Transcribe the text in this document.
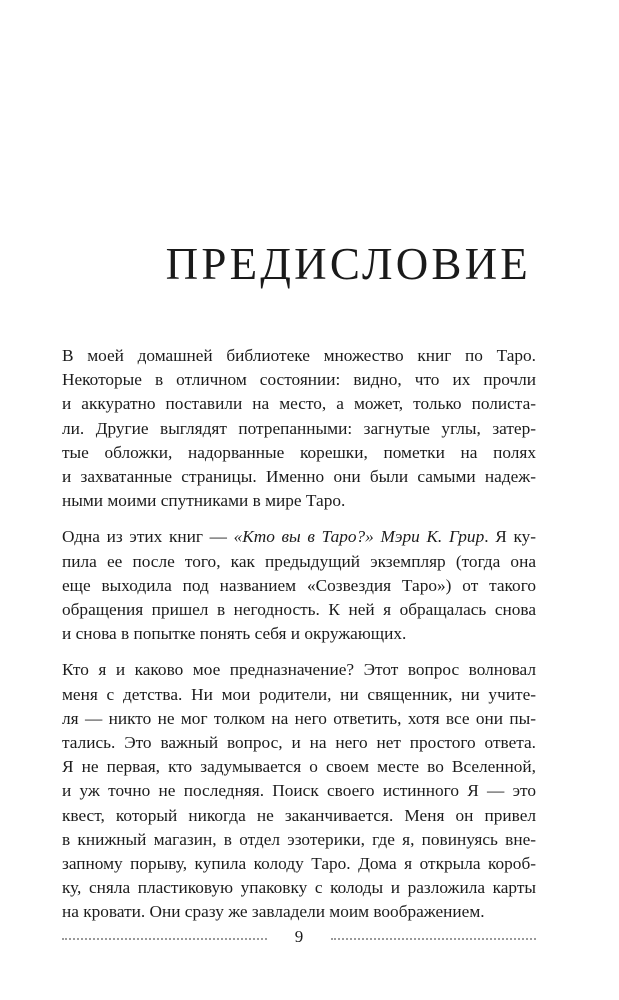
ПРЕДИСЛОВИЕ

В моей домашней библиотеке множество книг по Таро.
Некоторые в отличном состоянии: видно, что их прочли
и аккуратно поставили на место, а может, только полиста-
ли. Другие выглядят потрепанными: загнутые углы, затер-
тые обложки, надорванные корешки, пометки на полях
и захватанные страницы. Именно они были самыми надеж-
ными моими спутниками в мире Таро.

Одна из этих книг — «Кто вы в Таро?» Мэри К. Грир. Я ку-
пила ее после того, как предыдущий экземпляр (тогда она
еще выходила под названием «Созвездия Таро») от такого
обращения пришел в негодность. К ней я обращалась снова
и снова в попытке понять себя и окружающих.

Кто я и каково мое предназначение? Этот вопрос волновал
меня с детства. Ни мои родители, ни священник, ни учите-
ля — никто не мог толком на него ответить, хотя все они пы-
тались. Это важный вопрос, и на него нет простого ответа.
Я не первая, кто задумывается о своем месте во Вселенной,
и уж точно не последняя. Поиск своего истинного Я — это
квест, который никогда не заканчивается. Меня он привел
в книжный магазин, в отдел эзотерики, где я, повинуясь вне-
запному порыву, купила колоду Таро. Дома я открыла короб-
ку, сняла пластиковую упаковку с колоды и разложила карты
на кровати. Они сразу же завладели моим воображением.

9
